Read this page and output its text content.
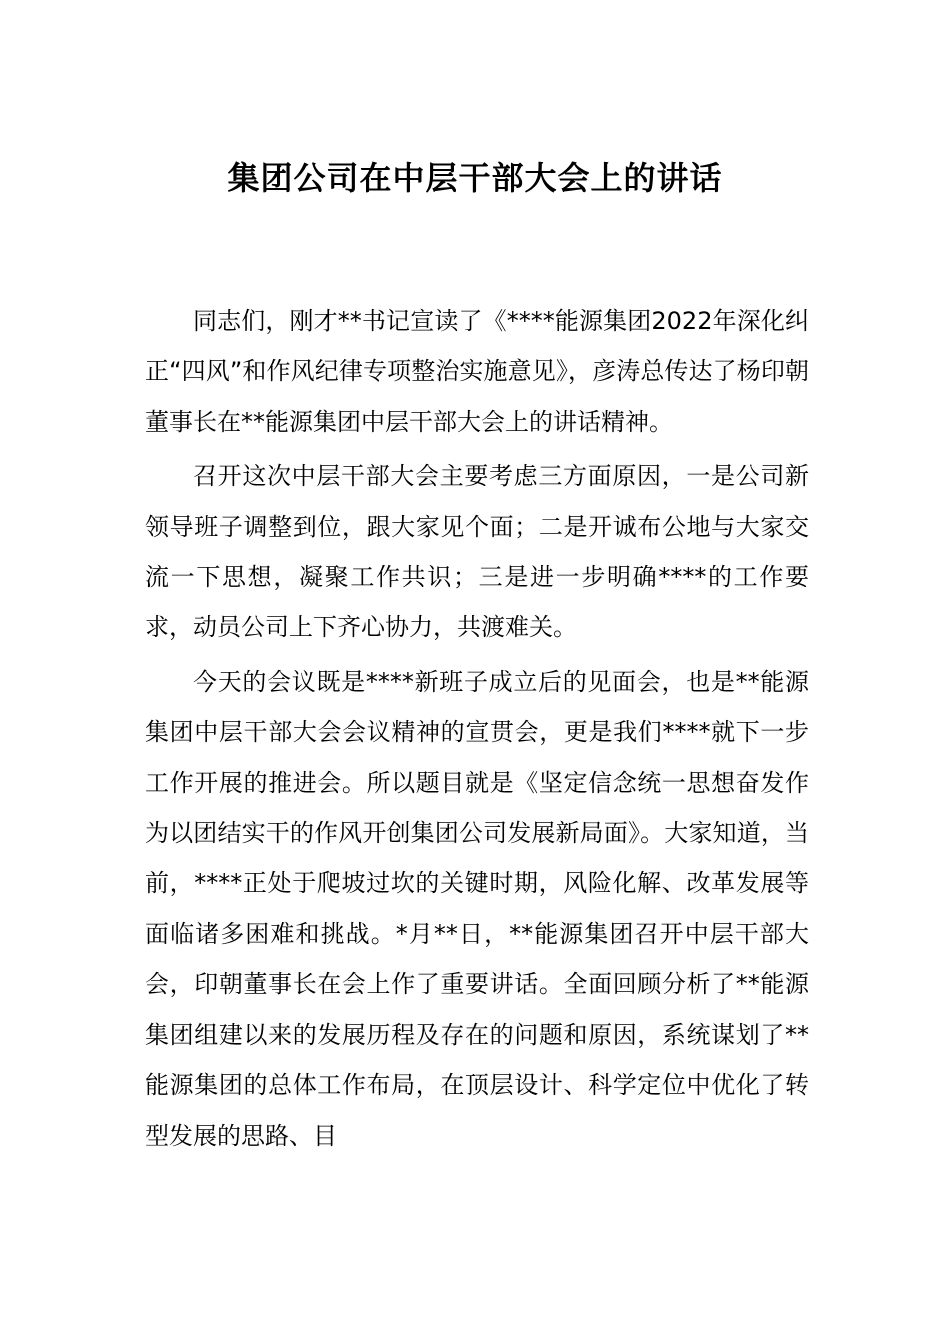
集团公司在中层干部大会上的讲话

同志们，刚才**书记宣读了《****能源集团2022年深化纠正“四风”和作风纪律专项整治实施意见》，彦涛总传达了杨印朝董事长在**能源集团中层干部大会上的讲话精神。

召开这次中层干部大会主要考虑三方面原因，一是公司新领导班子调整到位，跟大家见个面；二是开诚布公地与大家交流一下思想，凝聚工作共识；三是进一步明确****的工作要求，动员公司上下齐心协力，共渡难关。

今天的会议既是****新班子成立后的见面会，也是**能源集团中层干部大会会议精神的宣贯会，更是我们****就下一步工作开展的推进会。所以题目就是《坚定信念统一思想奋发作为以团结实干的作风开创集团公司发展新局面》。大家知道，当前，****正处于爬坡过坎的关键时期，风险化解、改革发展等面临诸多困难和挑战。*月**日，**能源集团召开中层干部大会，印朝董事长在会上作了重要讲话。全面回顾分析了**能源集团组建以来的发展历程及存在的问题和原因，系统谋划了**能源集团的总体工作布局，在顶层设计、科学定位中优化了转型发展的思路、目
